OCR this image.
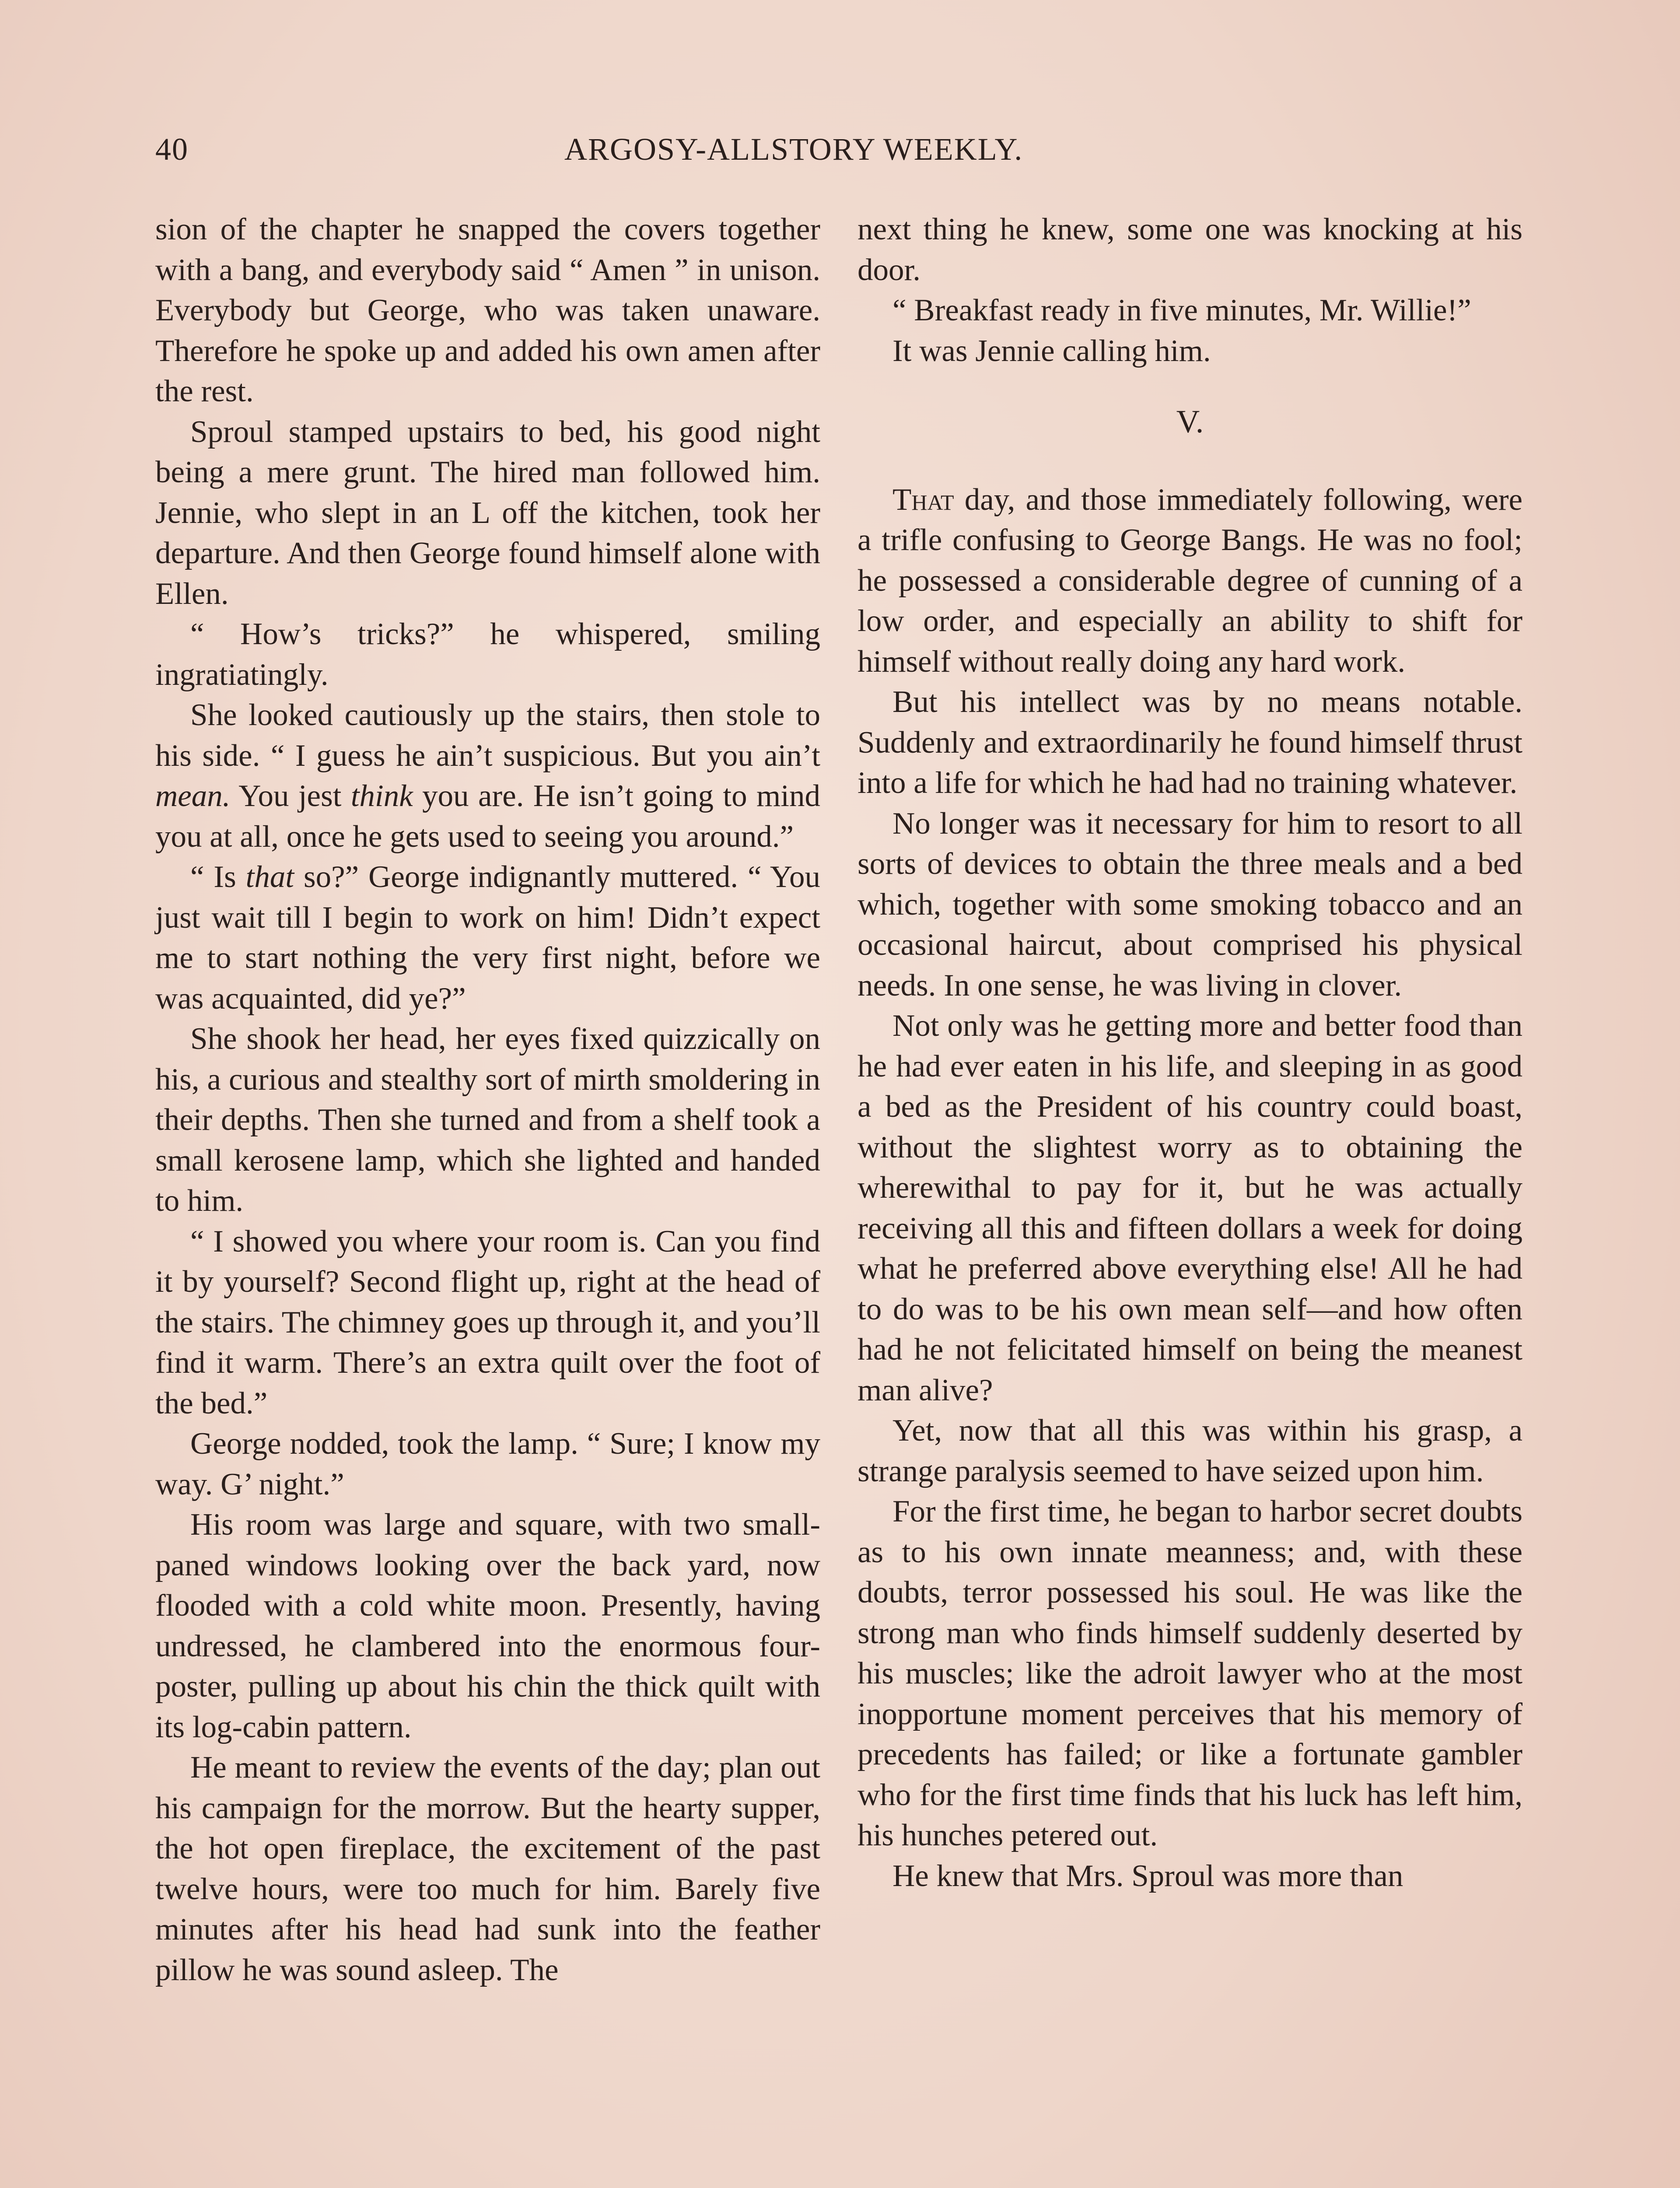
40	ARGOSY-ALLSTORY WEEKLY.

sion of the chapter he snapped the covers together with a bang, and everybody said “ Amen ” in unison. Everybody but George, who was taken unaware. Therefore he spoke up and added his own amen after the rest.

Sproul stamped upstairs to bed, his good night being a mere grunt. The hired man followed him. Jennie, who slept in an L off the kitchen, took her departure. And then George found himself alone with Ellen.

“ How’s tricks?” he whispered, smiling ingratiatingly.

She looked cautiously up the stairs, then stole to his side. “ I guess he ain’t suspicious. But you ain’t mean. You jest think you are. He isn’t going to mind you at all, once he gets used to seeing you around.”

“ Is that so?” George indignantly muttered. “ You just wait till I begin to work on him! Didn’t expect me to start nothing the very first night, before we was acquainted, did ye?”

She shook her head, her eyes fixed quizzically on his, a curious and stealthy sort of mirth smoldering in their depths. Then she turned and from a shelf took a small kerosene lamp, which she lighted and handed to him.

“ I showed you where your room is. Can you find it by yourself? Second flight up, right at the head of the stairs. The chimney goes up through it, and you’ll find it warm. There’s an extra quilt over the foot of the bed.”

George nodded, took the lamp. “ Sure; I know my way. G’ night.”

His room was large and square, with two small-paned windows looking over the back yard, now flooded with a cold white moon. Presently, having undressed, he clambered into the enormous four-poster, pulling up about his chin the thick quilt with its log-cabin pattern.

He meant to review the events of the day; plan out his campaign for the morrow. But the hearty supper, the hot open fireplace, the excitement of the past twelve hours, were too much for him. Barely five minutes after his head had sunk into the feather pillow he was sound asleep. The

next thing he knew, some one was knocking at his door.

“ Breakfast ready in five minutes, Mr. Willie!”

It was Jennie calling him.

V.

That day, and those immediately following, were a trifle confusing to George Bangs. He was no fool; he possessed a considerable degree of cunning of a low order, and especially an ability to shift for himself without really doing any hard work.

But his intellect was by no means notable. Suddenly and extraordinarily he found himself thrust into a life for which he had had no training whatever.

No longer was it necessary for him to resort to all sorts of devices to obtain the three meals and a bed which, together with some smoking tobacco and an occasional haircut, about comprised his physical needs. In one sense, he was living in clover.

Not only was he getting more and better food than he had ever eaten in his life, and sleeping in as good a bed as the President of his country could boast, without the slightest worry as to obtaining the wherewithal to pay for it, but he was actually receiving all this and fifteen dollars a week for doing what he preferred above everything else! All he had to do was to be his own mean self—and how often had he not felicitated himself on being the meanest man alive?

Yet, now that all this was within his grasp, a strange paralysis seemed to have seized upon him.

For the first time, he began to harbor secret doubts as to his own innate meanness; and, with these doubts, terror possessed his soul. He was like the strong man who finds himself suddenly deserted by his muscles; like the adroit lawyer who at the most inopportune moment perceives that his memory of precedents has failed; or like a fortunate gambler who for the first time finds that his luck has left him, his hunches petered out.

He knew that Mrs. Sproul was more than
